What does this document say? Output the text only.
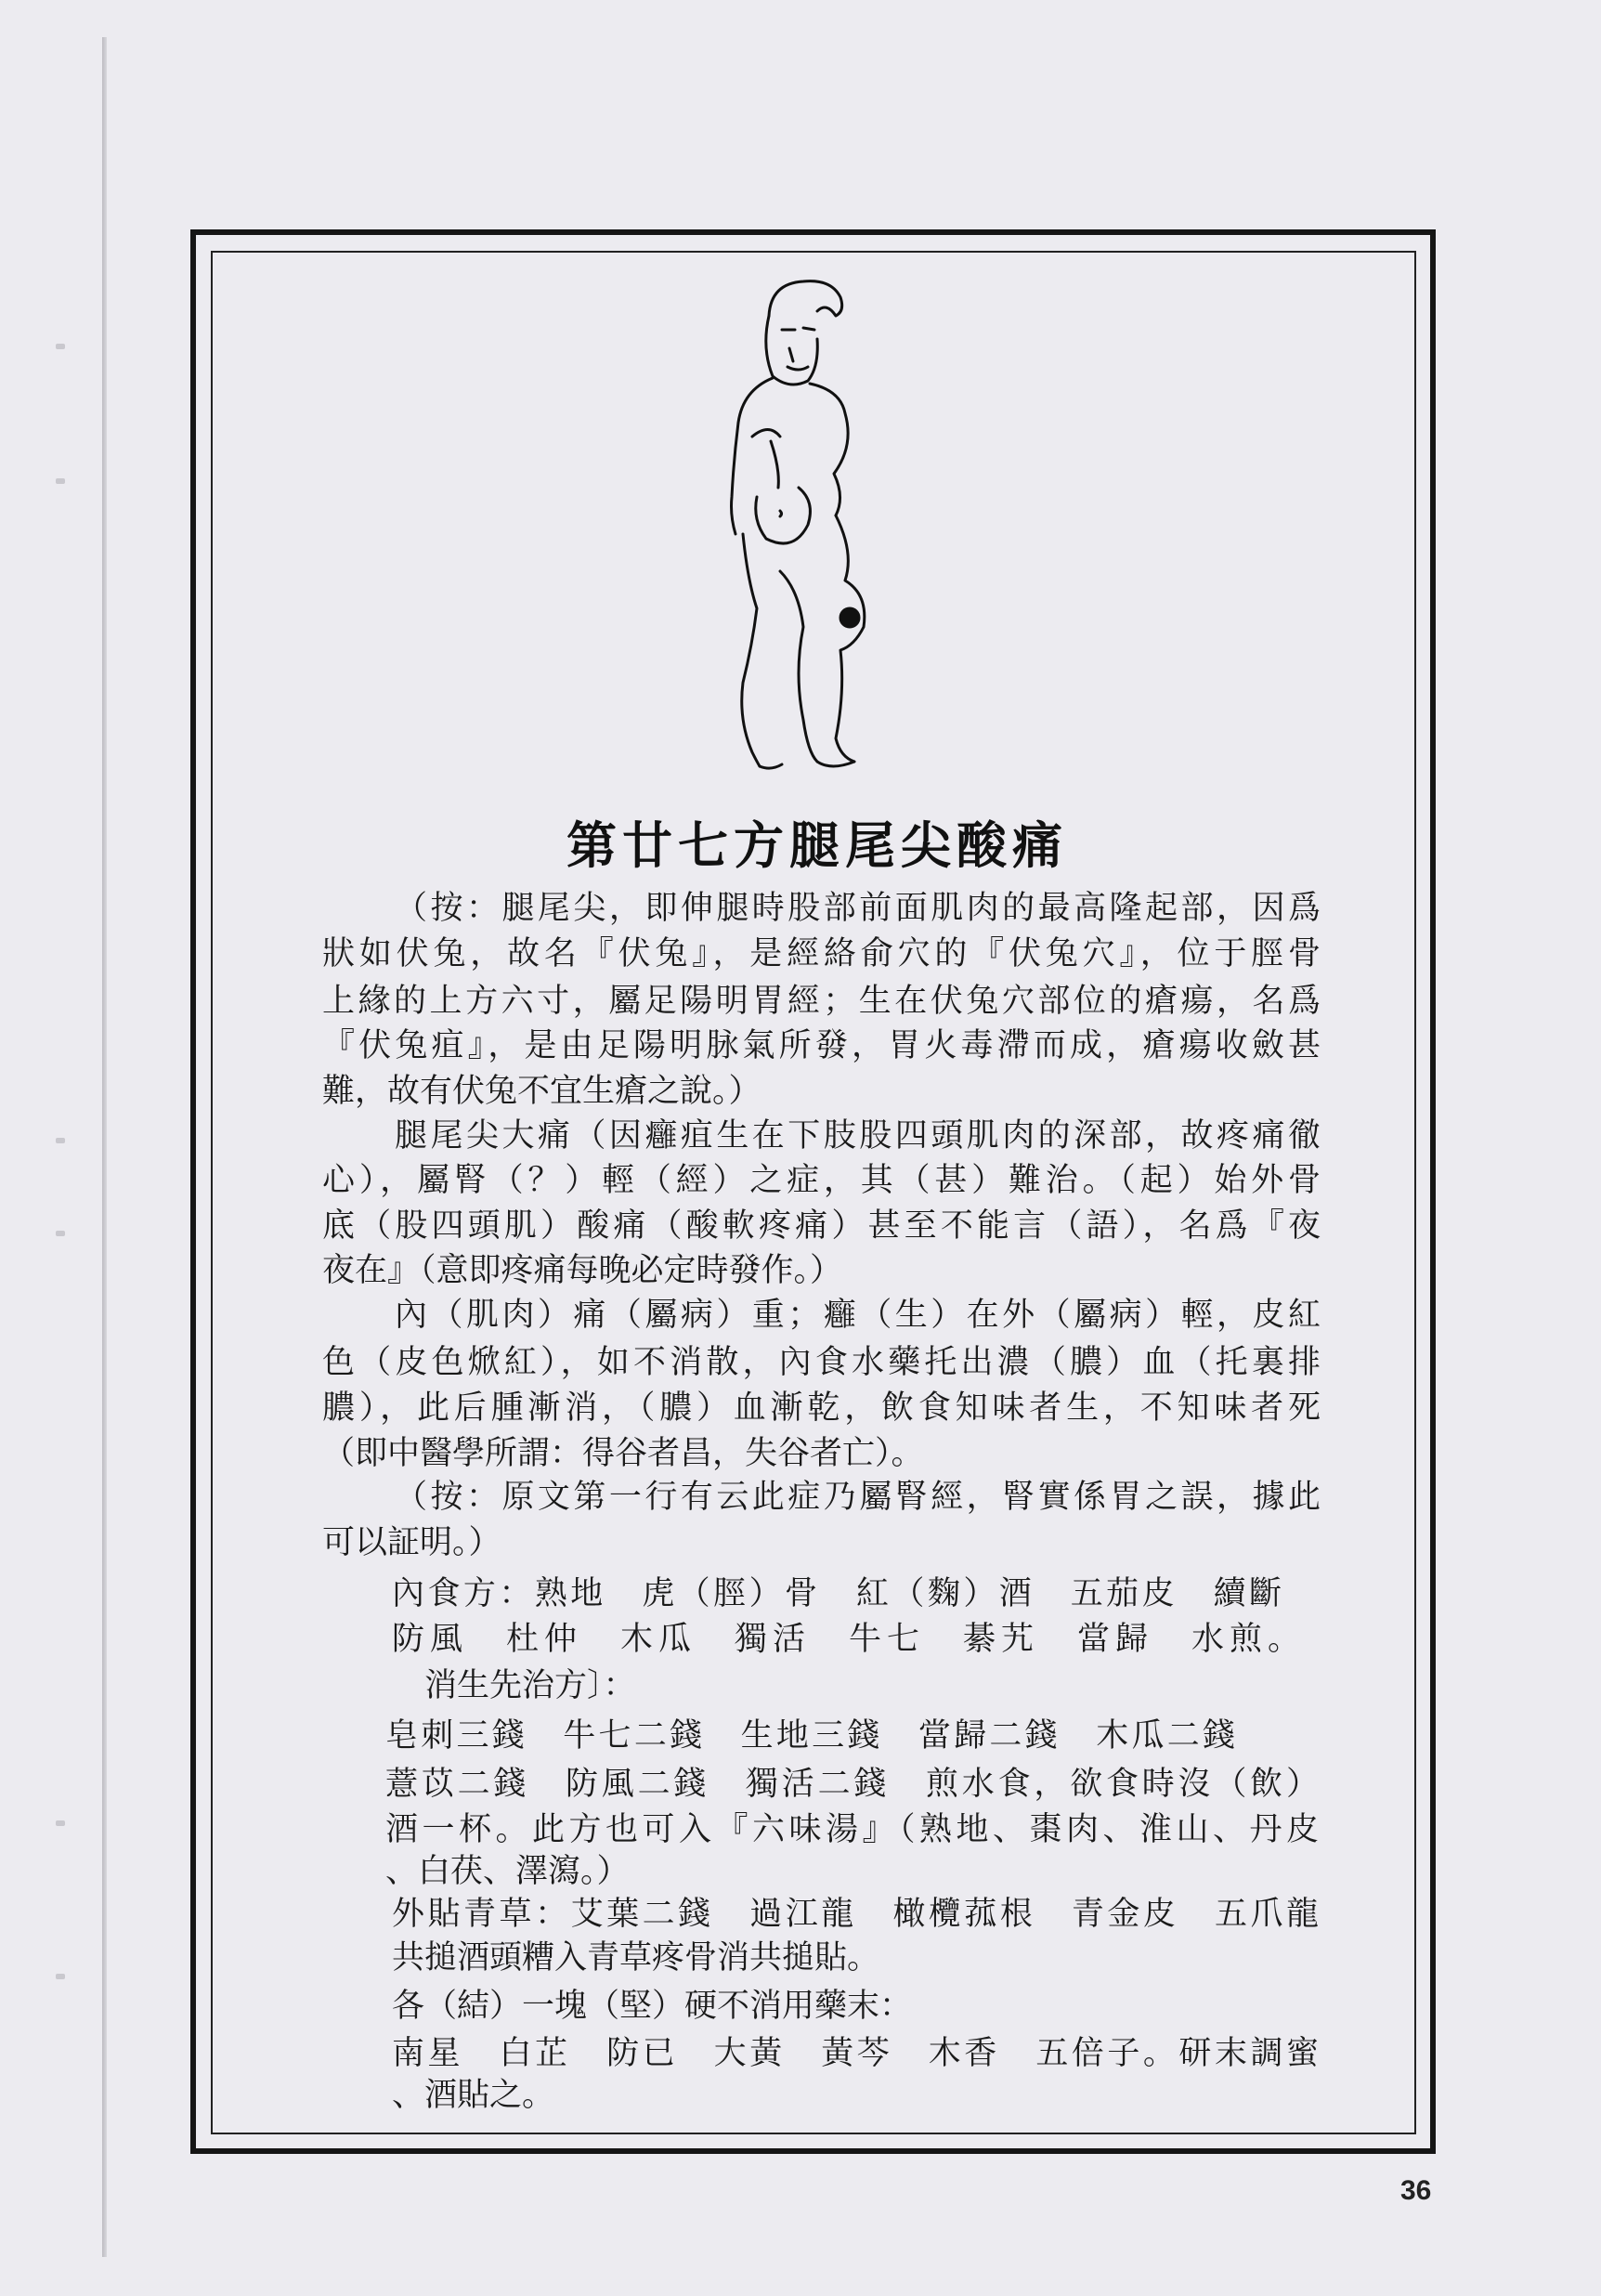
第廿七方腿尾尖酸痛
（按：腿尾尖，即伸腿時股部前面肌肉的最高隆起部，因爲
狀如伏兔，故名『伏兔』，是經絡俞穴的『伏兔穴』，位于脛骨
上緣的上方六寸，屬足陽明胃經；生在伏兔穴部位的瘡瘍，名爲
『伏兔疽』，是由足陽明脉氣所發，胃火毒滯而成，瘡瘍收斂甚
難，故有伏兔不宜生瘡之說。）
腿尾尖大痛（因癰疽生在下肢股四頭肌肉的深部，故疼痛徹
心），屬腎（？）輕（經）之症，其（甚）難治。（起）始外骨
底（股四頭肌）酸痛（酸軟疼痛）甚至不能言（語），名爲『夜
夜在』（意即疼痛每晚必定時發作。）
內（肌肉）痛（屬病）重；癰（生）在外（屬病）輕，皮紅
色（皮色焮紅），如不消散，內食水藥托出濃（膿）血（托裏排
膿），此后腫漸消，（膿）血漸乾，飲食知味者生，不知味者死
（即中醫學所謂：得谷者昌，失谷者亡）。
（按：原文第一行有云此症乃屬腎經，腎實係胃之誤，據此
可以証明。）
內食方：熟地　虎（脛）骨　紅（麴）酒　五茄皮　續斷
防風　杜仲　木瓜　獨活　牛七　綦艽　當歸　水煎。
消生先治方〕：
皂刺三錢　牛七二錢　生地三錢　當歸二錢　木瓜二錢
薏苡二錢　防風二錢　獨活二錢　煎水食，欲食時沒（飲）
酒一杯。此方也可入『六味湯』（熟地、棗肉、淮山、丹皮
、白茯、澤瀉。）
外貼青草：艾葉二錢　過江龍　橄欖菰根　青金皮　五爪龍
共搥酒頭糟入青草疼骨消共搥貼。
各（結）一塊（堅）硬不消用藥末：
南星　白芷　防已　大黃　黃芩　木香　五倍子。研末調蜜
、酒貼之。
36
